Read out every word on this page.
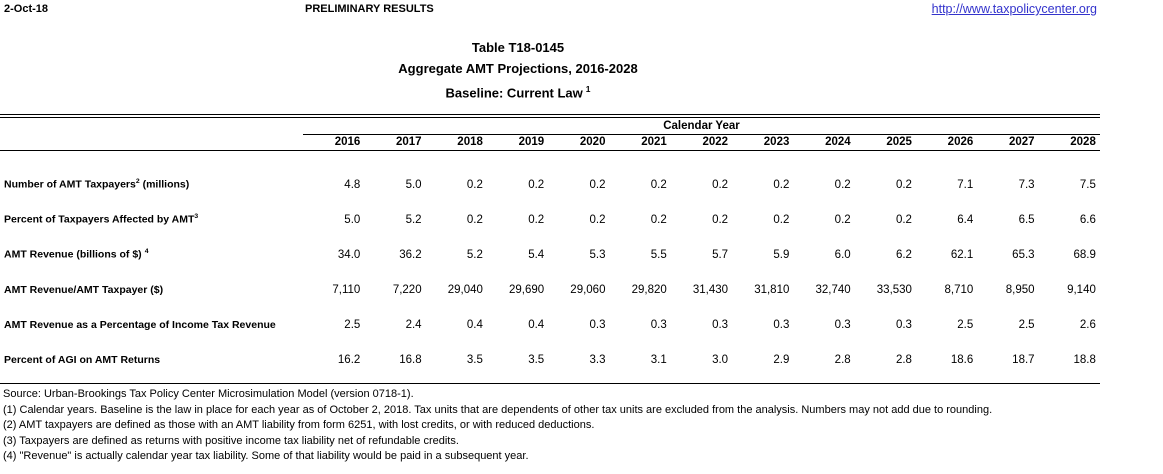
2-Oct-18	PRELIMINARY RESULTS	http://www.taxpolicycenter.org
Table T18-0145
Aggregate AMT Projections, 2016-2028
Baseline: Current Law $^1$
Calendar Year
2016	2017	2018	2019	2020	2021	2022	2023	2024	2025	2026	2027	2028
Number of AMT Taxpayers$^2$ (millions)	4.8	5.0	0.2	0.2	0.2	0.2	0.2	0.2	0.2	0.2	7.1	7.3	7.5
Percent of Taxpayers Affected by AMT$^3$	5.0	5.2	0.2	0.2	0.2	0.2	0.2	0.2	0.2	0.2	6.4	6.5	6.6
AMT Revenue (billions of $) $^4$	34.0	36.2	5.2	5.4	5.3	5.5	5.7	5.9	6.0	6.2	62.1	65.3	68.9
AMT Revenue/AMT Taxpayer ($)	7,110	7,220	29,040	29,690	29,060	29,820	31,430	31,810	32,740	33,530	8,710	8,950	9,140
AMT Revenue as a Percentage of Income Tax Revenue	2.5	2.4	0.4	0.4	0.3	0.3	0.3	0.3	0.3	0.3	2.5	2.5	2.6
Percent of AGI on AMT Returns	16.2	16.8	3.5	3.5	3.3	3.1	3.0	2.9	2.8	2.8	18.6	18.7	18.8
Source: Urban-Brookings Tax Policy Center Microsimulation Model (version 0718-1).
(1) Calendar years. Baseline is the law in place for each year as of October 2, 2018. Tax units that are dependents of other tax units are excluded from the analysis. Numbers may not add due to rounding.
(2) AMT taxpayers are defined as those with an AMT liability from form 6251, with lost credits, or with reduced deductions.
(3) Taxpayers are defined as returns with positive income tax liability net of refundable credits.
(4) "Revenue" is actually calendar year tax liability. Some of that liability would be paid in a subsequent year.
